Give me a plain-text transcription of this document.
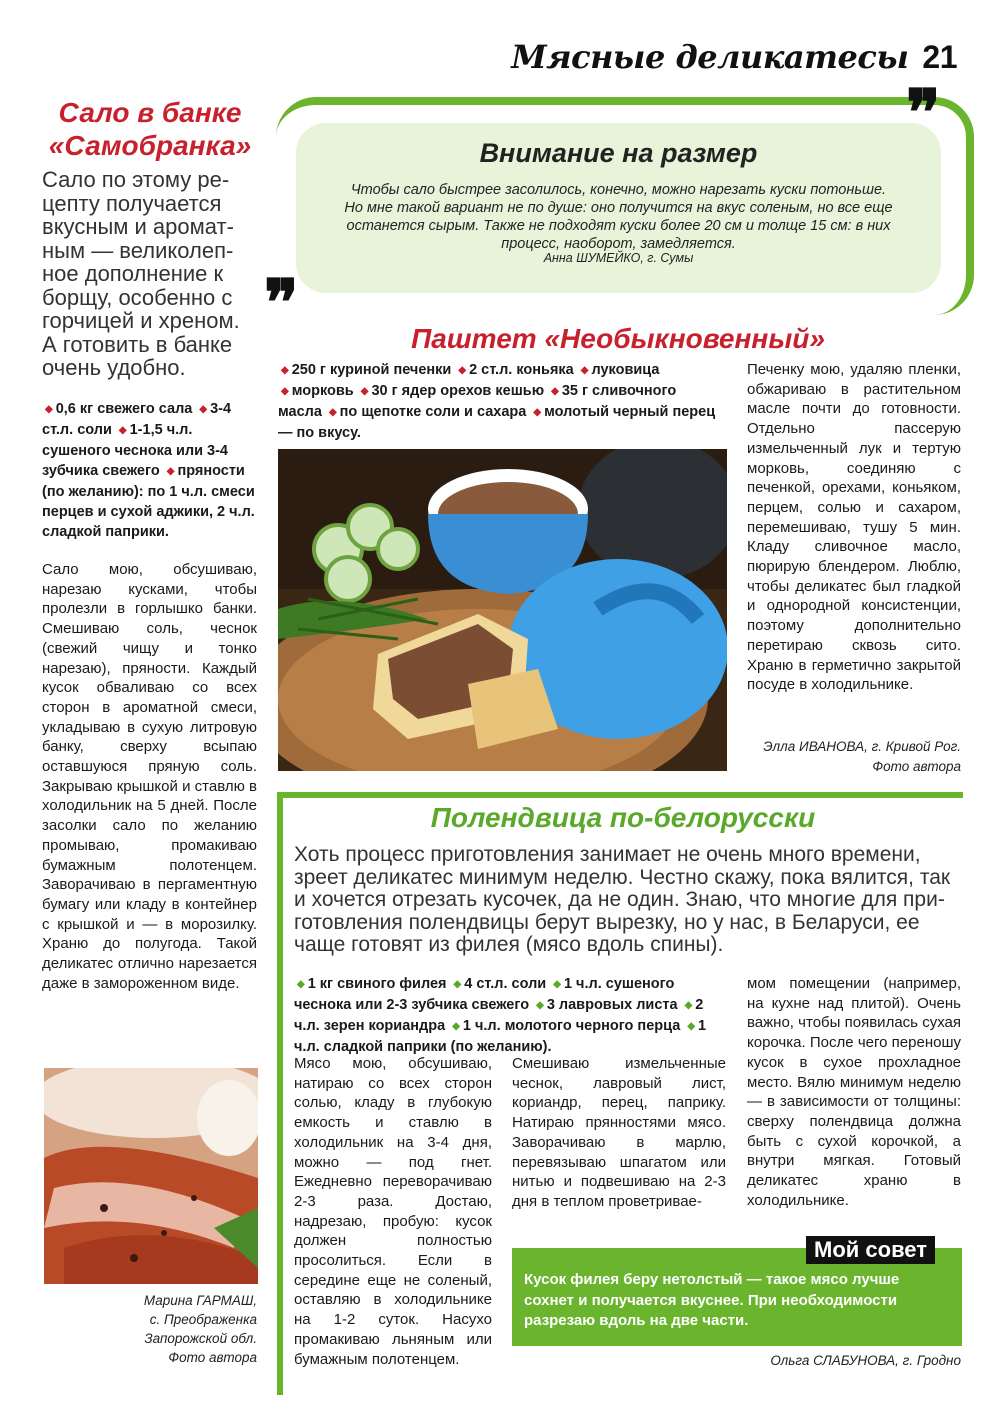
Мясные деликатесы 21
Сало в банке
«Самобранка»
Сало по этому ре-
цепту получается
вкусным и аромат-
ным — великолеп-
ное дополнение к
борщу, особенно с
горчицей и хреном.
А готовить в банке
очень удобно.
◆ 0,6 кг свежего сала ◆ 3-4 ст.л. соли ◆ 1-1,5 ч.л. сушеного чеснока или 3-4 зубчика свежего ◆ пряности (по желанию): по 1 ч.л. смеси перцев и сухой аджики, 2 ч.л. сладкой паприки.
Сало мою, обсушиваю, нарезаю кусками, чтобы пролезли в горлышко банки. Смешиваю соль, чеснок (свежий чищу и тонко нарезаю), пряности. Каждый кусок обваливаю со всех сторон в ароматной смеси, укладываю в сухую литровую банку, сверху всыпаю оставшуюся пряную соль. Закрываю крышкой и ставлю в холодильник на 5 дней. После засолки сало по желанию промываю, промакиваю бумажным полотенцем. Заворачиваю в пергаментную бумагу или кладу в контейнер с крышкой и — в морозилку. Храню до полугода. Такой деликатес отлично нарезается даже в замороженном виде.
Марина ГАРМАШ,
с. Преображенка
Запорожской обл.
Фото автора
❞
❞
Внимание на размер
Чтобы сало быстрее засолилось, конечно, можно нарезать куски потоньше.
Но мне такой вариант не по душе: оно получится на вкус соленым, но все еще
останется сырым. Также не подходят куски более 20 см и толще 15 см: в них
процесс, наоборот, замедляется.
Анна ШУМЕЙКО, г. Сумы
Паштет «Необыкновенный»
◆ 250 г куриной печенки ◆ 2 ст.л. коньяка ◆ луковица ◆ морковь ◆ 30 г ядер орехов кешью ◆ 35 г сливочного масла ◆ по щепотке соли и сахара ◆ молотый черный перец — по вкусу.
Печенку мою, удаляю пленки, обжариваю в растительном масле почти до готовности. Отдельно пассерую измельченный лук и тертую морковь, соединяю с печенкой, орехами, коньяком, перцем, солью и сахаром, перемешиваю, тушу 5 мин. Кладу сливочное масло, пюрирую блендером. Люблю, чтобы деликатес был гладкой и однородной консистенции, поэтому дополнительно перетираю сквозь сито. Храню в герметично закрытой посуде в холодильнике.
Элла ИВАНОВА, г. Кривой Рог.
Фото автора
Полендвица по-белорусски
Хоть процесс приготовления занимает не очень много времени,
зреет деликатес минимум неделю. Честно скажу, пока вялится, так
и хочется отрезать кусочек, да не один. Знаю, что многие для при-
готовления полендвицы берут вырезку, но у нас, в Беларуси, ее
чаще готовят из филея (мясо вдоль спины).
◆ 1 кг свиного филея ◆ 4 ст.л. соли ◆ 1 ч.л. сушеного чеснока или 2-3 зубчика свежего ◆ 3 лавровых листа ◆ 2 ч.л. зерен кориандра ◆ 1 ч.л. молотого черного перца ◆ 1 ч.л. сладкой паприки (по желанию).
Мясо мою, обсушиваю, натираю со всех сторон солью, кладу в глубокую емкость и ставлю в холодильник на 3-4 дня, можно — под гнет. Ежедневно переворачиваю 2-3 раза. Достаю, надрезаю, пробую: кусок должен полностью просолиться. Если в середине еще не соленый, оставляю в холодильнике на 1-2 суток. Насухо промакиваю льняным или бумажным полотенцем.
Смешиваю измельченные чеснок, лавровый лист, кориандр, перец, паприку. Натираю прянностями мясо. Заворачиваю в марлю, перевязываю шпагатом или нитью и подвешиваю на 2-3 дня в теплом проветривае-
мом помещении (например, на кухне над плитой). Очень важно, чтобы появилась сухая корочка. После чего переношу кусок в сухое прохладное место. Вялю минимум неделю — в зависимости от толщины: сверху полендвица должна быть с сухой корочкой, а внутри мягкая. Готовый деликатес храню в холодильнике.
Мой совет
Кусок филея беру нетолстый — такое мясо лучше сохнет и получается вкуснее. При необходимости разрезаю вдоль на две части.
Ольга СЛАБУНОВА, г. Гродно
